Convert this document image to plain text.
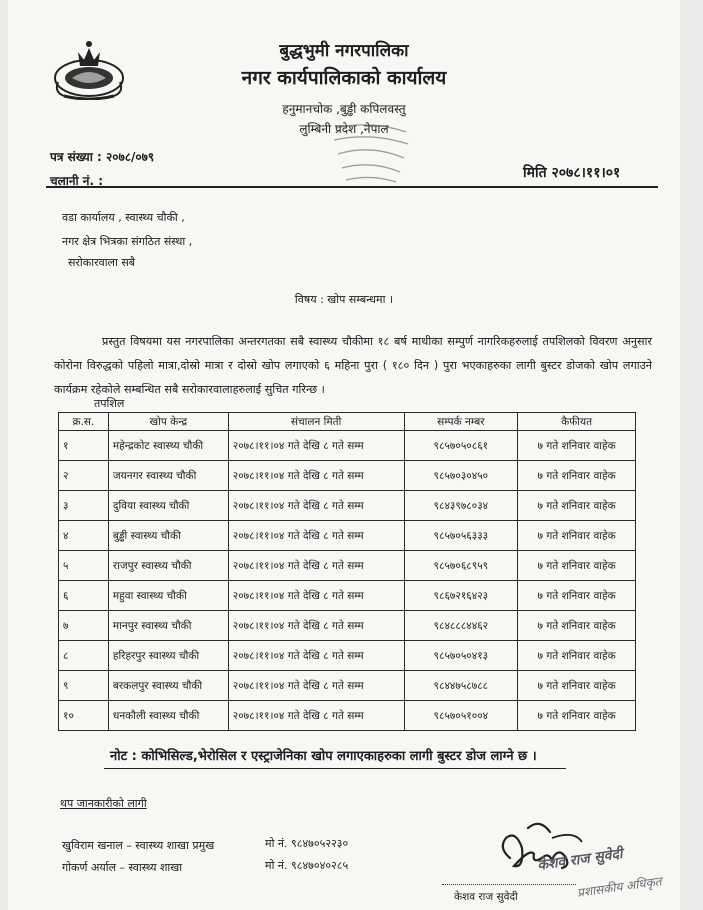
बुद्धभुमी नगरपालिका
नगर कार्यपालिकाको कार्यालय
हनुमानचोक ,बुड्ढी कपिलवस्तु
लुम्बिनी प्रदेश ,नेपाल
पत्र संख्या : २०७८/०७९
चलानी नं. :	मिति २०७८।११।०१
वडा कार्यालय , स्वास्थ्य चौकी ,
नगर क्षेत्र भित्रका संगठित संस्था ,
सरोकारवाला सबै
विषय : खोप सम्बन्धमा ।
प्रस्तुत विषयमा यस नगरपालिका अन्तरगतका सबै स्वास्थ्य चौकीमा १८ बर्ष माथीका सम्पुर्ण नागरिकहरुलाई तपशिलको विवरण अनुसार कोरोना विरुद्धको पहिलो मात्रा,दोस्रो मात्रा र दोस्रो खोप लगाएको ६ महिना पुरा ( १८० दिन ) पुरा भएकाहरुका लागी बुस्टर डोजको खोप लगाउने कार्यक्रम रहेकोले सम्बन्धित सबै सरोकारवालाहरुलाई सुचित गरिन्छ ।
तपशिल
क्र.स.	खोप केन्द्र	संचालन मिती	सम्पर्क नम्बर	कैफीयत
१	महेन्द्रकोट स्वास्थ्य चौकी	२०७८।११।०४ गते देखि ८ गते सम्म	९८५७०५०८६१	७ गते शनिवार वाहेक
२	जयनगर स्वास्थ्य चौकी	२०७८।११।०४ गते देखि ८ गते सम्म	९८५७०३०४५०	७ गते शनिवार वाहेक
३	दुविया स्वास्थ्य चौकी	२०७८।११।०४ गते देखि ८ गते सम्म	९८४३९७८०३४	७ गते शनिवार वाहेक
४	बुड्ढी स्वास्थ्य चौकी	२०७८।११।०४ गते देखि ८ गते सम्म	९८५७०५६३३३	७ गते शनिवार वाहेक
५	राजपुर स्वास्थ्य चौकी	२०७८।११।०४ गते देखि ८ गते सम्म	९८५७०६८९५९	७ गते शनिवार वाहेक
६	महुवा स्वास्थ्य चौकी	२०७८।११।०४ गते देखि ८ गते सम्म	९८६७२१६४२३	७ गते शनिवार वाहेक
७	मानपुर स्वास्थ्य चौकी	२०७८।११।०४ गते देखि ८ गते सम्म	९८४८८८४४६२	७ गते शनिवार वाहेक
८	हरिहरपुर स्वास्थ्य चौकी	२०७८।११।०४ गते देखि ८ गते सम्म	९८५७०५०४१३	७ गते शनिवार वाहेक
९	बरकलपुर स्वास्थ्य चौकी	२०७८।११।०४ गते देखि ८ गते सम्म	९८४४७५८७८८	७ गते शनिवार वाहेक
१०	धनकौली स्वास्थ्य चौकी	२०७८।११।०४ गते देखि ८ गते सम्म	९८५७०५१००४	७ गते शनिवार वाहेक
नोट : कोभिसिल्ड,भेरोसिल र एस्ट्राजेनिका खोप लगाएकाहरुका लागी बुस्टर डोज लाग्ने छ ।
थप जानकारीको लागी
खुविराम खनाल – स्वास्थ्य शाखा प्रमुख	मो नं. ९८४७०५२२३०
गोकर्ण अर्याल – स्वास्थ्य शाखा	मो नं. ९८४७०४०२८५	केशव राज सुवेदी
प्रशासकीय अधिकृत
केशव राज सुवेदी
